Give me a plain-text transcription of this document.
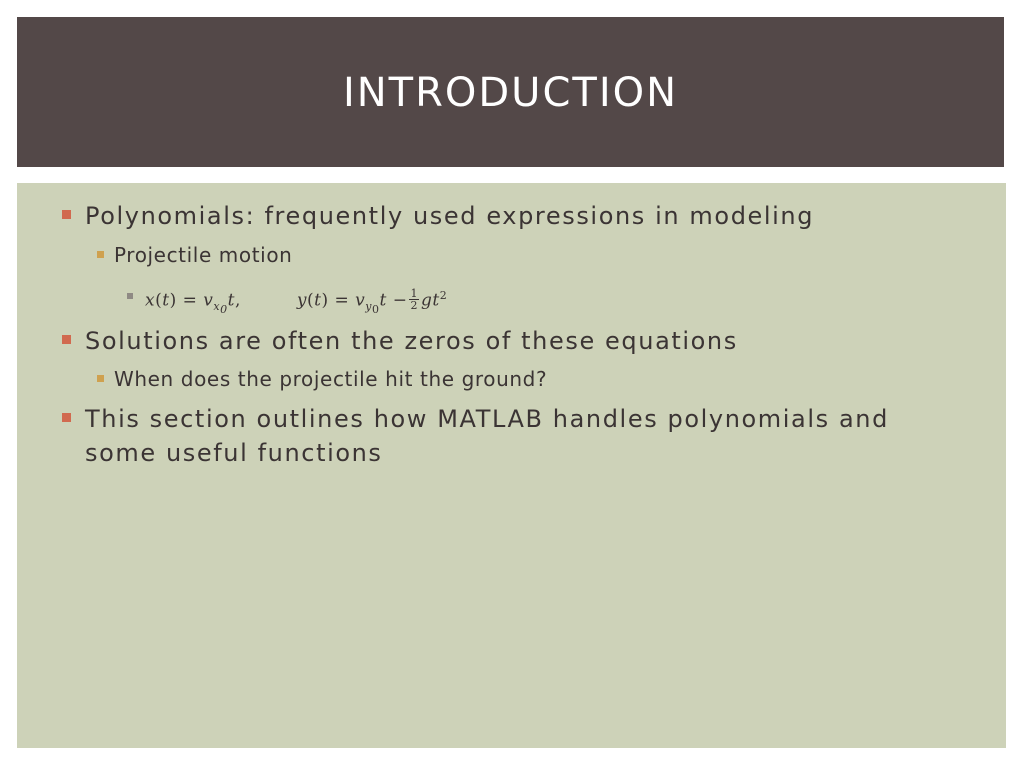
INTRODUCTION
Polynomials: frequently used expressions in modeling
Projectile motion
$x(t) = v_{x_0}t$,	$y(t) = v_{y_0}t - \frac{1}{2} gt^2$
Solutions are often the zeros of these equations
When does the projectile hit the ground?
This section outlines how MATLAB handles polynomials and some useful functions
